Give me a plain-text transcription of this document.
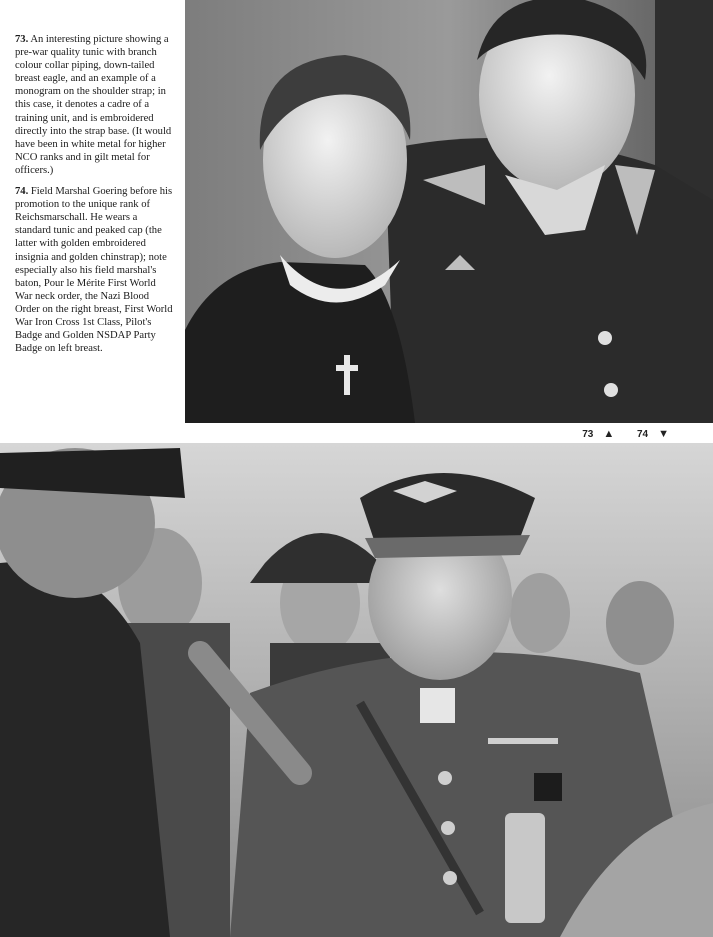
73. An interesting picture showing a pre-war quality tunic with branch colour collar piping, down-tailed breast eagle, and an example of a monogram on the shoulder strap; in this case, it denotes a cadre of a training unit, and is embroidered directly into the strap base. (It would have been in white metal for higher NCO ranks and in gilt metal for officers.)

74. Field Marshal Goering before his promotion to the unique rank of Reichsmarschall. He wears a standard tunic and peaked cap (the latter with golden embroidered insignia and golden chinstrap); note especially also his field marshal's baton, Pour le Mérite First World War neck order, the Nazi Blood Order on the right breast, First World War Iron Cross 1st Class, Pilot's Badge and Golden NSDAP Party Badge on left breast.

73 ▲ 74 ▼
